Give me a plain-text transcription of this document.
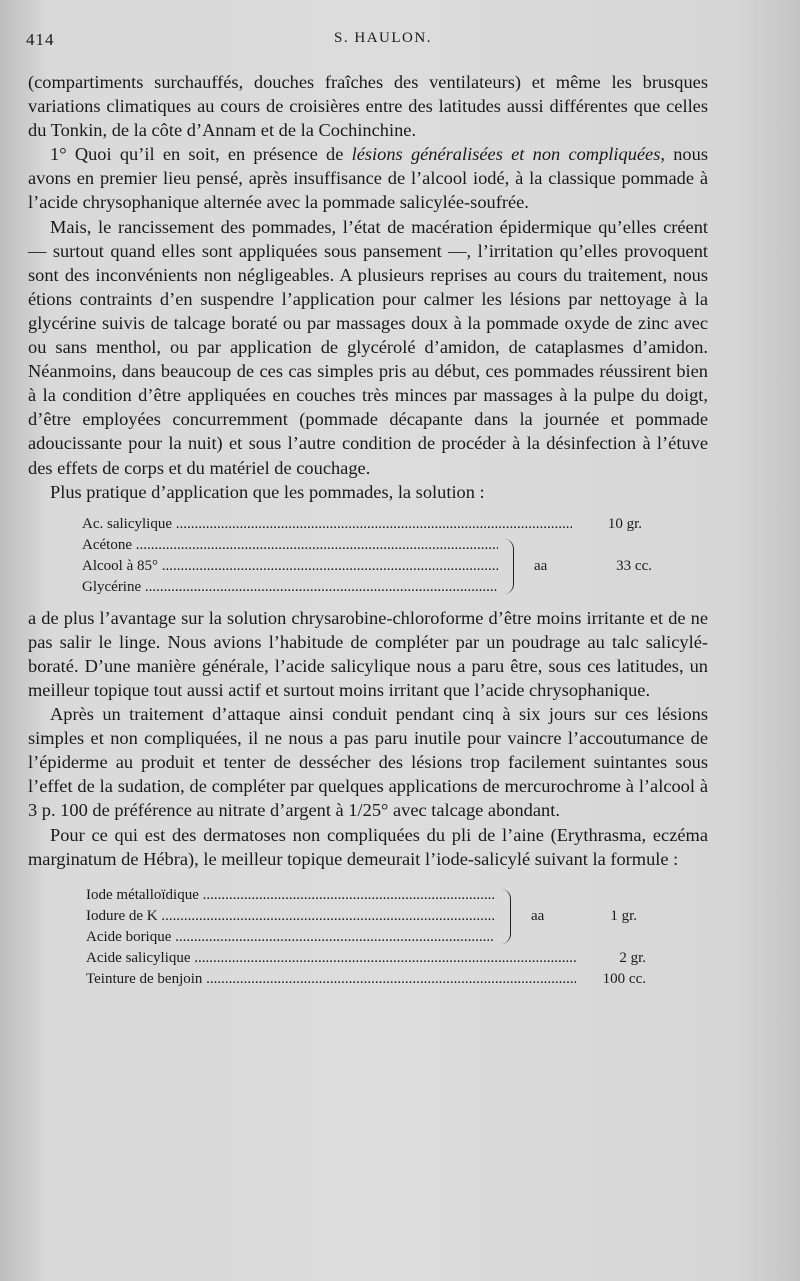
414	S. HAULON.

(compartiments surchauffés, douches fraîches des ventilateurs) et même les brusques variations climatiques au cours de croisières entre des latitudes aussi différentes que celles du Tonkin, de la côte d’Annam et de la Cochinchine.

1° Quoi qu’il en soit, en présence de lésions généralisées et non compliquées, nous avons en premier lieu pensé, après insuffisance de l’alcool iodé, à la classique pommade à l’acide chrysophanique alternée avec la pommade salicylée-soufrée.

Mais, le rancissement des pommades, l’état de macération épidermique qu’elles créent — surtout quand elles sont appliquées sous pansement —, l’irritation qu’elles provoquent sont des inconvénients non négligeables. A plusieurs reprises au cours du traitement, nous étions contraints d’en suspendre l’application pour calmer les lésions par nettoyage à la glycérine suivis de talcage boraté ou par massages doux à la pommade oxyde de zinc avec ou sans menthol, ou par application de glycérolé d’amidon, de cataplasmes d’amidon. Néanmoins, dans beaucoup de ces cas simples pris au début, ces pommades réussirent bien à la condition d’être appliquées en couches très minces par massages à la pulpe du doigt, d’être employées concurremment (pommade décapante dans la journée et pommade adoucissante pour la nuit) et sous l’autre condition de procéder à la désinfection à l’étuve des effets de corps et du matériel de couchage.

Plus pratique d’application que les pommades, la solution :

Ac. salicylique .....	10 gr.
Acétone .....
Alcool à 85° .....
Glycérine .....
aa	33 cc.

a de plus l’avantage sur la solution chrysarobine-chloroforme d’être moins irritante et de ne pas salir le linge. Nous avions l’habitude de compléter par un poudrage au talc salicylé-boraté. D’une manière générale, l’acide salicylique nous a paru être, sous ces latitudes, un meilleur topique tout aussi actif et surtout moins irritant que l’acide chrysophanique.

Après un traitement d’attaque ainsi conduit pendant cinq à six jours sur ces lésions simples et non compliquées, il ne nous a pas paru inutile pour vaincre l’accoutumance de l’épiderme au produit et tenter de dessécher des lésions trop facilement suintantes sous l’effet de la sudation, de compléter par quelques applications de mercurochrome à l’alcool à 3 p. 100 de préférence au nitrate d’argent à 1/25° avec talcage abondant.

Pour ce qui est des dermatoses non compliquées du pli de l’aine (Erythrasma, eczéma marginatum de Hébra), le meilleur topique demeurait l’iode-salicylé suivant la formule :

Iode métalloïdique .....
Iodure de K .....
Acide borique .....
aa	1 gr.
Acide salicylique .....	2 gr.
Teinture de benjoin .....	100 cc.
